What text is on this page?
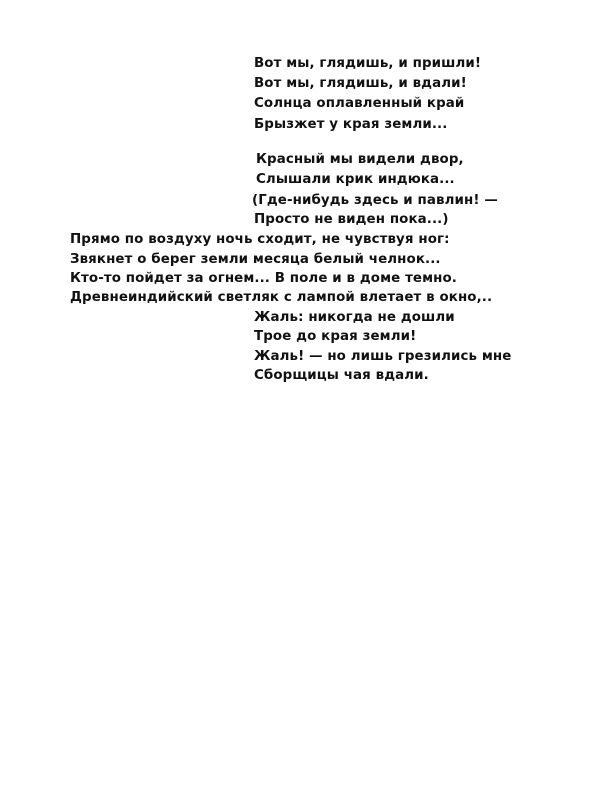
Вот мы, глядишь, и пришли!
Вот мы, глядишь, и вдали!
Солнца оплавленный край
Брызжет у края земли...
Красный мы видели двор,
Слышали крик индюка...
(Где-нибудь здесь и павлин! —
Просто не виден пока...)
Прямо по воздуху ночь сходит, не чувствуя ног:
Звякнет о берег земли месяца белый челнок...
Кто-то пойдет за огнем... В поле и в доме темно.
Древнеиндийский светляк с лампой влетает в окно,..
Жаль: никогда не дошли
Трое до края земли!
Жаль! — но лишь грезились мне
Сборщицы чая вдали.
